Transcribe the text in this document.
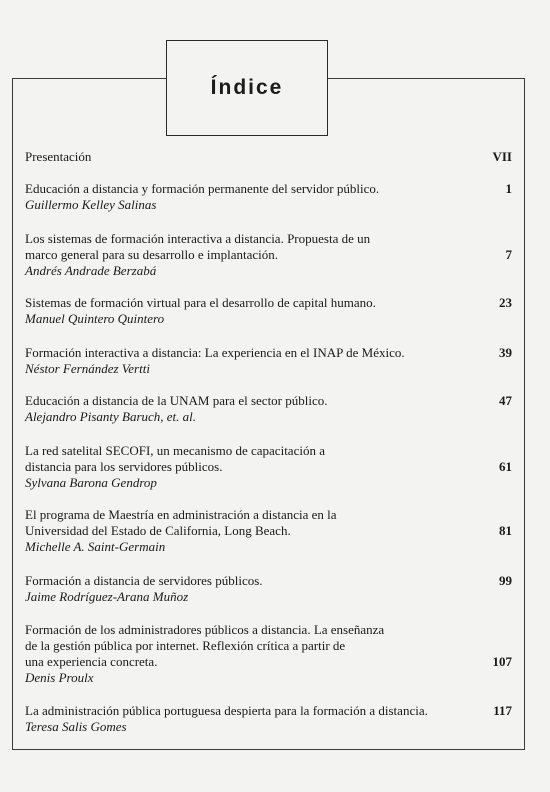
Índice
Presentación	VII
Educación a distancia y formación permanente del servidor público.
Guillermo Kelley Salinas
1
Los sistemas de formación interactiva a distancia. Propuesta de un
marco general para su desarrollo e implantación.
Andrés Andrade Berzabá
7
Sistemas de formación virtual para el desarrollo de capital humano.
Manuel Quintero Quintero
23
Formación interactiva a distancia: La experiencia en el INAP de México.
Néstor Fernández Vertti
39
Educación a distancia de la UNAM para el sector público.
Alejandro Pisanty Baruch, et. al.
47
La red satelital SECOFI, un mecanismo de capacitación a
distancia para los servidores públicos.
Sylvana Barona Gendrop
61
El programa de Maestría en administración a distancia en la
Universidad del Estado de California, Long Beach.
Michelle A. Saint-Germain
81
Formación a distancia de servidores públicos.
Jaime Rodríguez-Arana Muñoz
99
Formación de los administradores públicos a distancia. La enseñanza
de la gestión pública por internet. Reflexión crítica a partir de
una experiencia concreta.
Denis Proulx
107
La administración pública portuguesa despierta para la formación a distancia.
Teresa Salis Gomes
117
